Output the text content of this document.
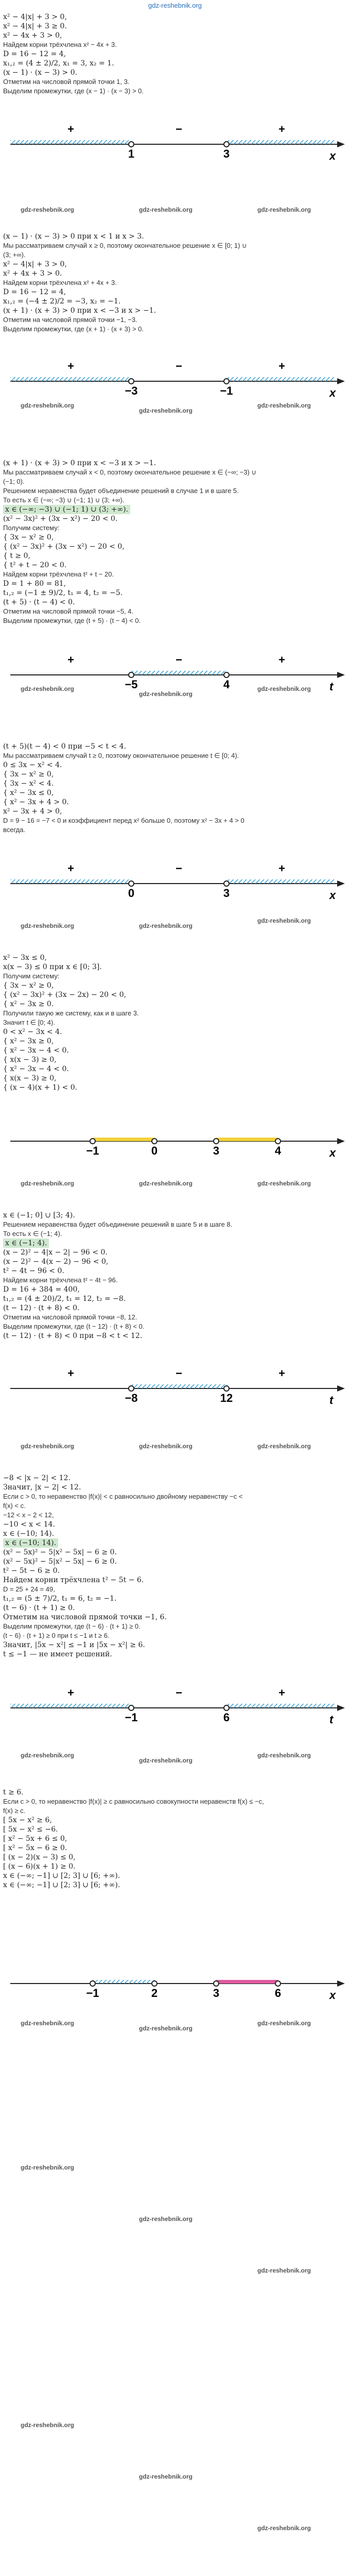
gdz-reshebnik.org
x² − 4|x| + 3 > 0,
x² − 4|x| + 3 ≥ 0.
x² − 4x + 3 > 0,
Найдем корни трёхчлена x² − 4x + 3.
D = 16 − 12 = 4,
x₁,₂ = (4 ± 2)/2, x₁ = 3, x₂ = 1.
(x − 1) · (x − 3) > 0.
Отметим на числовой прямой точки 1, 3.
Выделим промежутки, где (x − 1) · (x − 3) > 0.
(x − 1) · (x − 3) > 0 при x < 1 и x > 3.
Мы рассматриваем случай x ≥ 0, поэтому окончательное решение x ∈ [0; 1) ∪
(3; +∞).
x² − 4|x| + 3 > 0,
x² + 4x + 3 > 0.
Найдем корни трёхчлена x² + 4x + 3.
D = 16 − 12 = 4,
x₁,₂ = (−4 ± 2)/2 = −3, x₂ = −1.
(x + 1) · (x + 3) > 0 при x < −3 и x > −1.
Отметим на числовой прямой точки −1, −3.
Выделим промежутки, где (x + 1) · (x + 3) > 0.
(x + 1) · (x + 3) > 0 при x < −3 и x > −1.
Мы рассматриваем случай x < 0, поэтому окончательное решение x ∈ (−∞; −3) ∪
(−1; 0).
Решением неравенства будет объединение решений в случае 1 и в шаге 5.
То есть x ∈ (−∞; −3) ∪ (−1; 1) ∪ (3; +∞).
x ∈ (−∞; −3) ∪ (−1; 1) ∪ (3; +∞).
(x² − 3x)² + (3x − x²) − 20 < 0.
Получим систему:
{ 3x − x² ≥ 0,
{ (x² − 3x)² + (3x − x²) − 20 < 0,
{ t ≥ 0,
{ t² + t − 20 < 0.
Найдем корни трёхчлена t² + t − 20.
D = 1 + 80 = 81,
t₁,₂ = (−1 ± 9)/2, t₁ = 4, t₂ = −5.
(t + 5) · (t − 4) < 0.
Отметим на числовой прямой точки −5, 4.
Выделим промежутки, где (t + 5) · (t − 4) < 0.
(t + 5)(t − 4) < 0 при −5 < t < 4.
Мы рассматриваем случай t ≥ 0, поэтому окончательное решение t ∈ [0; 4).
0 ≤ 3x − x² < 4.
{ 3x − x² ≥ 0,
{ 3x − x² < 4.
{ x² − 3x ≤ 0,
{ x² − 3x + 4 > 0.
x² − 3x + 4 > 0,
D = 9 − 16 = −7 < 0 и коэффициент перед x² больше 0, поэтому x² − 3x + 4 > 0
всегда.
x² − 3x ≤ 0,
x(x − 3) ≤ 0 при x ∈ [0; 3].
Получим систему:
{ 3x − x² ≥ 0,
{ (x² − 3x)² + (3x − 2x) − 20 < 0,
{ x² − 3x ≥ 0.
Получили такую же систему, как и в шаге 3.
Значит t ∈ [0; 4).
0 < x² − 3x < 4.
{ x² − 3x ≥ 0,
{ x² − 3x − 4 < 0.
{ x(x − 3) ≥ 0,
{ x² − 3x − 4 < 0.
{ x(x − 3) ≥ 0,
{ (x − 4)(x + 1) < 0.
x ∈ (−1; 0] ∪ [3; 4).
Решением неравенства будет объединение решений в шаге 5 и в шаге 8.
То есть x ∈ (−1; 4).
x ∈ (−1; 4).
(x − 2)² − 4|x − 2| − 96 < 0.
(x − 2)² − 4(x − 2) − 96 < 0,
t² − 4t − 96 < 0.
Найдем корни трёхчлена t² − 4t − 96.
D = 16 + 384 = 400,
t₁,₂ = (4 ± 20)/2, t₁ = 12, t₂ = −8.
(t − 12) · (t + 8) < 0.
Отметим на числовой прямой точки −8, 12.
Выделим промежутки, где (t − 12) · (t + 8) < 0.
(t − 12) · (t + 8) < 0 при −8 < t < 12.
−8 < |x − 2| < 12.
Значит, |x − 2| < 12.
Если c > 0, то неравенство |f(x)| < c равносильно двойному неравенству −c <
f(x) < c.
−12 < x − 2 < 12,
−10 < x < 14.
x ∈ (−10; 14).
x ∈ (−10; 14).
(x² − 5x)² − 5|x² − 5x| − 6 ≥ 0.
(x² − 5x)² − 5|x² − 5x| − 6 ≥ 0.
t² − 5t − 6 ≥ 0.
Найдем корни трёхчлена t² − 5t − 6.
D = 25 + 24 = 49,
t₁,₂ = (5 ± 7)/2, t₁ = 6, t₂ = −1.
(t − 6) · (t + 1) ≥ 0.
Отметим на числовой прямой точки −1, 6.
Выделим промежутки, где (t − 6) · (t + 1) ≥ 0.
(t − 6) · (t + 1) ≥ 0 при t ≤ −1 и t ≥ 6.
Значит, |5x − x²| ≤ −1 и |5x − x²| ≥ 6.
t ≤ −1 — не имеет решений.
t ≥ 6.
Если c > 0, то неравенство |f(x)| ≥ c равносильно совокупности неравенств f(x) ≤ −c,
f(x) ≥ c.
[ 5x − x² ≥ 6,
[ 5x − x² ≤ −6.
[ x² − 5x + 6 ≤ 0,
[ x² − 5x − 6 ≥ 0.
[ (x − 2)(x − 3) ≤ 0,
[ (x − 6)(x + 1) ≥ 0.
x ∈ (−∞; −1] ∪ [2; 3] ∪ [6; +∞).
x ∈ (−∞; −1] ∪ [2; 3] ∪ [6; +∞).
1	3
+	−	+
x
−3	−1
+	−	+
x
−5	4
+	−	+
t
0	3
+	−	+
x
−1	0	3	4	x
−8	12
+	−	+
t
−1	6
+	−	+
t
−1	2	3	6	x
gdz-reshebnik.org	gdz-reshebnik.org	gdz-reshebnik.org
gdz-reshebnik.org
gdz-reshebnik.org
gdz-reshebnik.org
gdz-reshebnik.org
gdz-reshebnik.org
gdz-reshebnik.org
gdz-reshebnik.org	gdz-reshebnik.org
gdz-reshebnik.org
gdz-reshebnik.org	gdz-reshebnik.org	gdz-reshebnik.org
gdz-reshebnik.org	gdz-reshebnik.org	gdz-reshebnik.org
gdz-reshebnik.org
gdz-reshebnik.org
gdz-reshebnik.org
gdz-reshebnik.org
gdz-reshebnik.org
gdz-reshebnik.org
gdz-reshebnik.org
gdz-reshebnik.org
gdz-reshebnik.org
gdz-reshebnik.org
gdz-reshebnik.org
gdz-reshebnik.org
